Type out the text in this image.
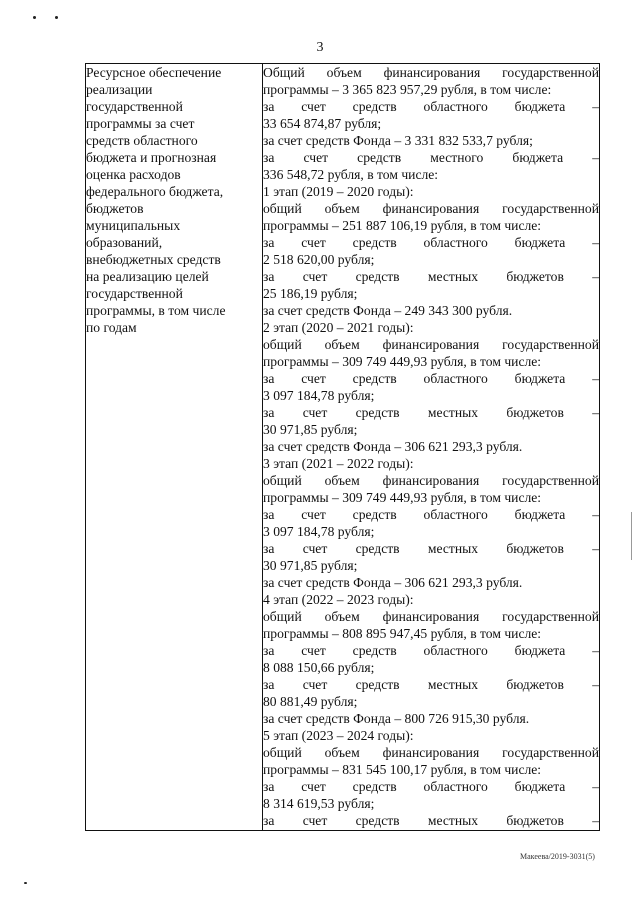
3
Ресурсное обеспечение
реализации
государственной
программы за счет
средств областного
бюджета и прогнозная
оценка расходов
федерального бюджета,
бюджетов
муниципальных
образований,
внебюджетных средств
на реализацию целей
государственной
программы, в том числе
по годам

Общий объем финансирования государственной
программы – 3 365 823 957,29 рубля, в том числе:
за счет средств областного бюджета –
33 654 874,87 рубля;
за счет средств Фонда – 3 331 832 533,7 рубля;
за счет средств местного бюджета –
336 548,72 рубля, в том числе:
1 этап (2019 – 2020 годы):
общий объем финансирования государственной
программы – 251 887 106,19 рубля, в том числе:
за счет средств областного бюджета –
2 518 620,00 рубля;
за счет средств местных бюджетов –
25 186,19 рубля;
за счет средств Фонда – 249 343 300 рубля.
2 этап (2020 – 2021 годы):
общий объем финансирования государственной
программы – 309 749 449,93 рубля, в том числе:
за счет средств областного бюджета –
3 097 184,78 рубля;
за счет средств местных бюджетов –
30 971,85 рубля;
за счет средств Фонда – 306 621 293,3 рубля.
3 этап (2021 – 2022 годы):
общий объем финансирования государственной
программы – 309 749 449,93 рубля, в том числе:
за счет средств областного бюджета –
3 097 184,78 рубля;
за счет средств местных бюджетов –
30 971,85 рубля;
за счет средств Фонда – 306 621 293,3 рубля.
4 этап (2022 – 2023 годы):
общий объем финансирования государственной
программы – 808 895 947,45 рубля, в том числе:
за счет средств областного бюджета –
8 088 150,66 рубля;
за счет средств местных бюджетов –
80 881,49 рубля;
за счет средств Фонда – 800 726 915,30 рубля.
5 этап (2023 – 2024 годы):
общий объем финансирования государственной
программы – 831 545 100,17 рубля, в том числе:
за счет средств областного бюджета –
8 314 619,53 рубля;
за счет средств местных бюджетов –
Макеева/2019-3031(5)
